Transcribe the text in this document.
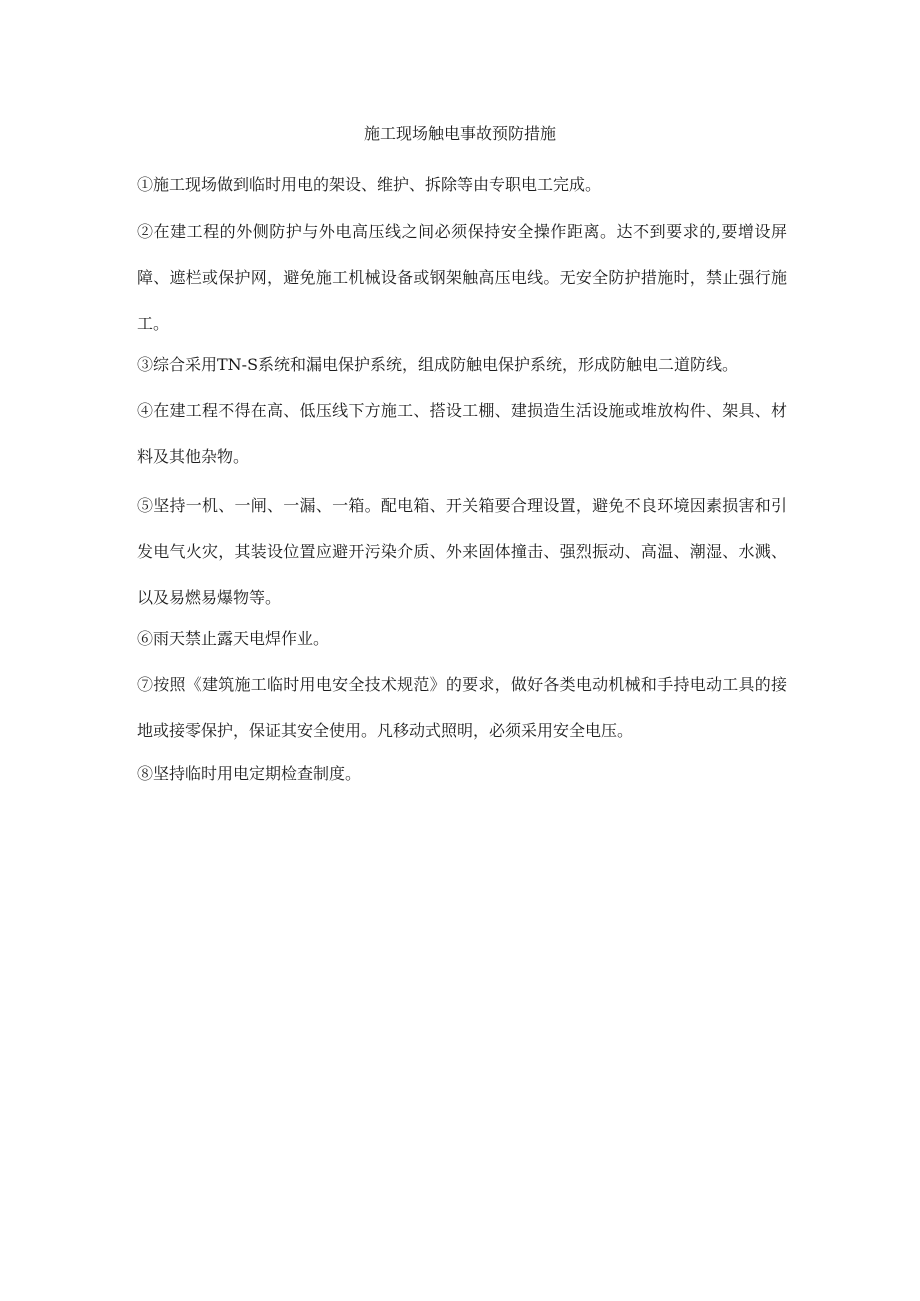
施工现场触电事故预防措施

①施工现场做到临时用电的架设、维护、拆除等由专职电工完成。

②在建工程的外侧防护与外电高压线之间必须保持安全操作距离。达不到要求的,要增设屏障、遮栏或保护网，避免施工机械设备或钢架触高压电线。无安全防护措施时，禁止强行施工。

③综合采用TN-S系统和漏电保护系统，组成防触电保护系统，形成防触电二道防线。

④在建工程不得在高、低压线下方施工、搭设工棚、建损造生活设施或堆放构件、架具、材料及其他杂物。

⑤坚持一机、一闸、一漏、一箱。配电箱、开关箱要合理设置，避免不良环境因素损害和引发电气火灾，其装设位置应避开污染介质、外来固体撞击、强烈振动、高温、潮湿、水溅、以及易燃易爆物等。

⑥雨天禁止露天电焊作业。

⑦按照《建筑施工临时用电安全技术规范》的要求，做好各类电动机械和手持电动工具的接地或接零保护，保证其安全使用。凡移动式照明，必须采用安全电压。

⑧坚持临时用电定期检查制度。
